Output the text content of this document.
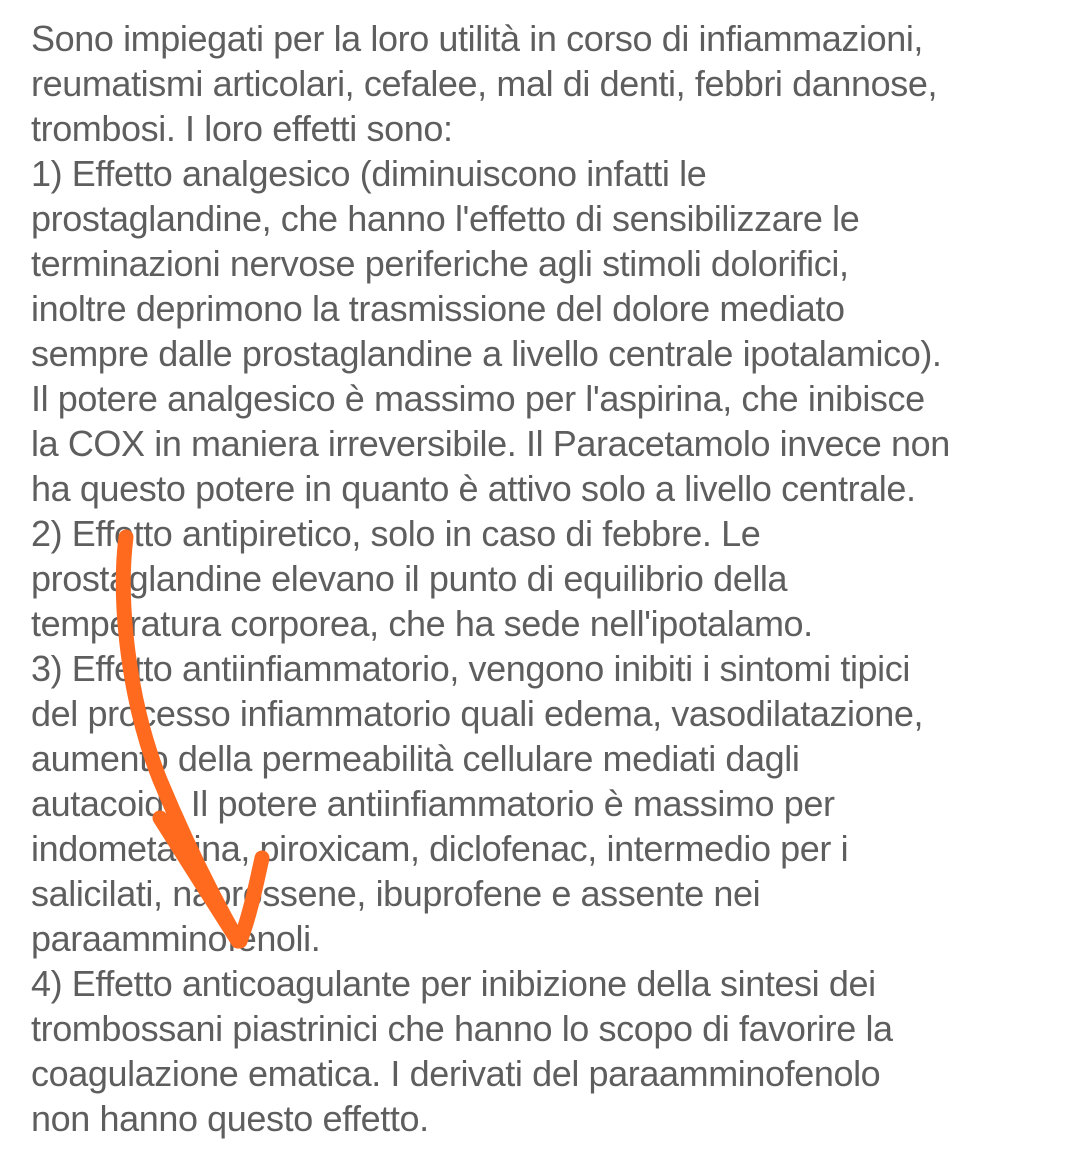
Sono impiegati per la loro utilità in corso di infiammazioni,
reumatismi articolari, cefalee, mal di denti, febbri dannose,
trombosi. I loro effetti sono:
1) Effetto analgesico (diminuiscono infatti le
prostaglandine, che hanno l'effetto di sensibilizzare le
terminazioni nervose periferiche agli stimoli dolorifici,
inoltre deprimono la trasmissione del dolore mediato
sempre dalle prostaglandine a livello centrale ipotalamico).
Il potere analgesico è massimo per l'aspirina, che inibisce
la COX in maniera irreversibile. Il Paracetamolo invece non
ha questo potere in quanto è attivo solo a livello centrale.
2) Effetto antipiretico, solo in caso di febbre. Le
prostaglandine elevano il punto di equilibrio della
temperatura corporea, che ha sede nell'ipotalamo.
3) Effetto antiinfiammatorio, vengono inibiti i sintomi tipici
del processo infiammatorio quali edema, vasodilatazione,
aumento della permeabilità cellulare mediati dagli
autacoidi. Il potere antiinfiammatorio è massimo per
indometacina, piroxicam, diclofenac, intermedio per i
salicilati, naprossene, ibuprofene e assente nei
paraamminofenoli.
4) Effetto anticoagulante per inibizione della sintesi dei
trombossani piastrinici che hanno lo scopo di favorire la
coagulazione ematica. I derivati del paraamminofenolo
non hanno questo effetto.
